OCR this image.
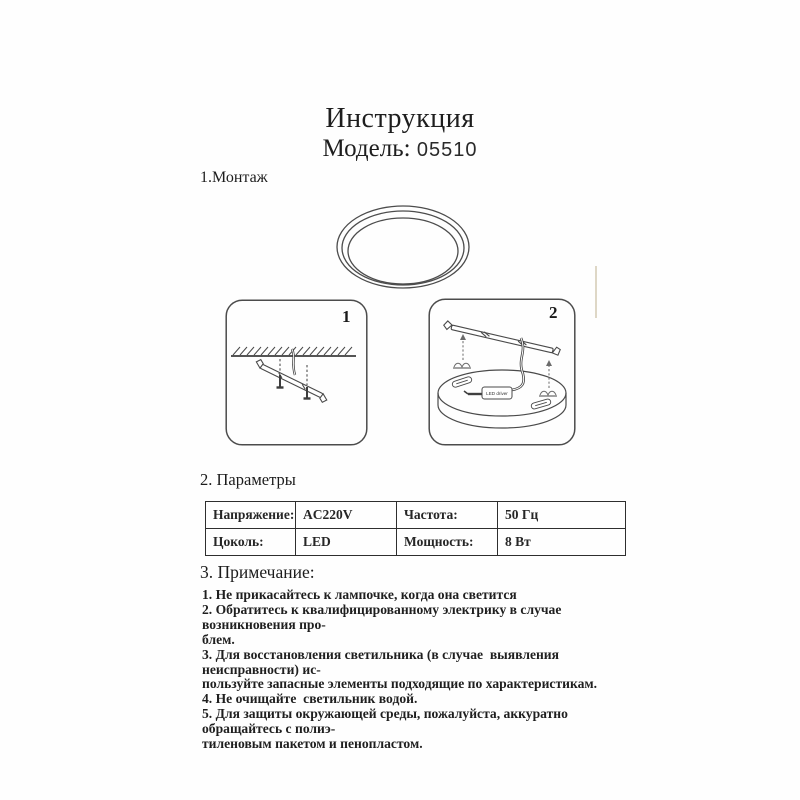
Инструкция
Модель: 05510
1.Монтаж
1
LED driver
2
2. Параметры
Напряжение:	AC220V	Частота:	50 Гц
Цоколь:	LED	Мощность:	8 Вт
3. Примечание:
1. Не прикасайтесь к лампочке, когда она светится
2. Обратитесь к квалифицированному электрику в случае возникновения про-
блем.
3. Для восстановления светильника (в случае  выявления неисправности) ис-
пользуйте запасные элементы подходящие по характеристикам.
4. Не очищайте  светильник водой.
5. Для защиты окружающей среды, пожалуйста, аккуратно обращайтесь с полиэ-
тиленовым пакетом и пенопластом.
